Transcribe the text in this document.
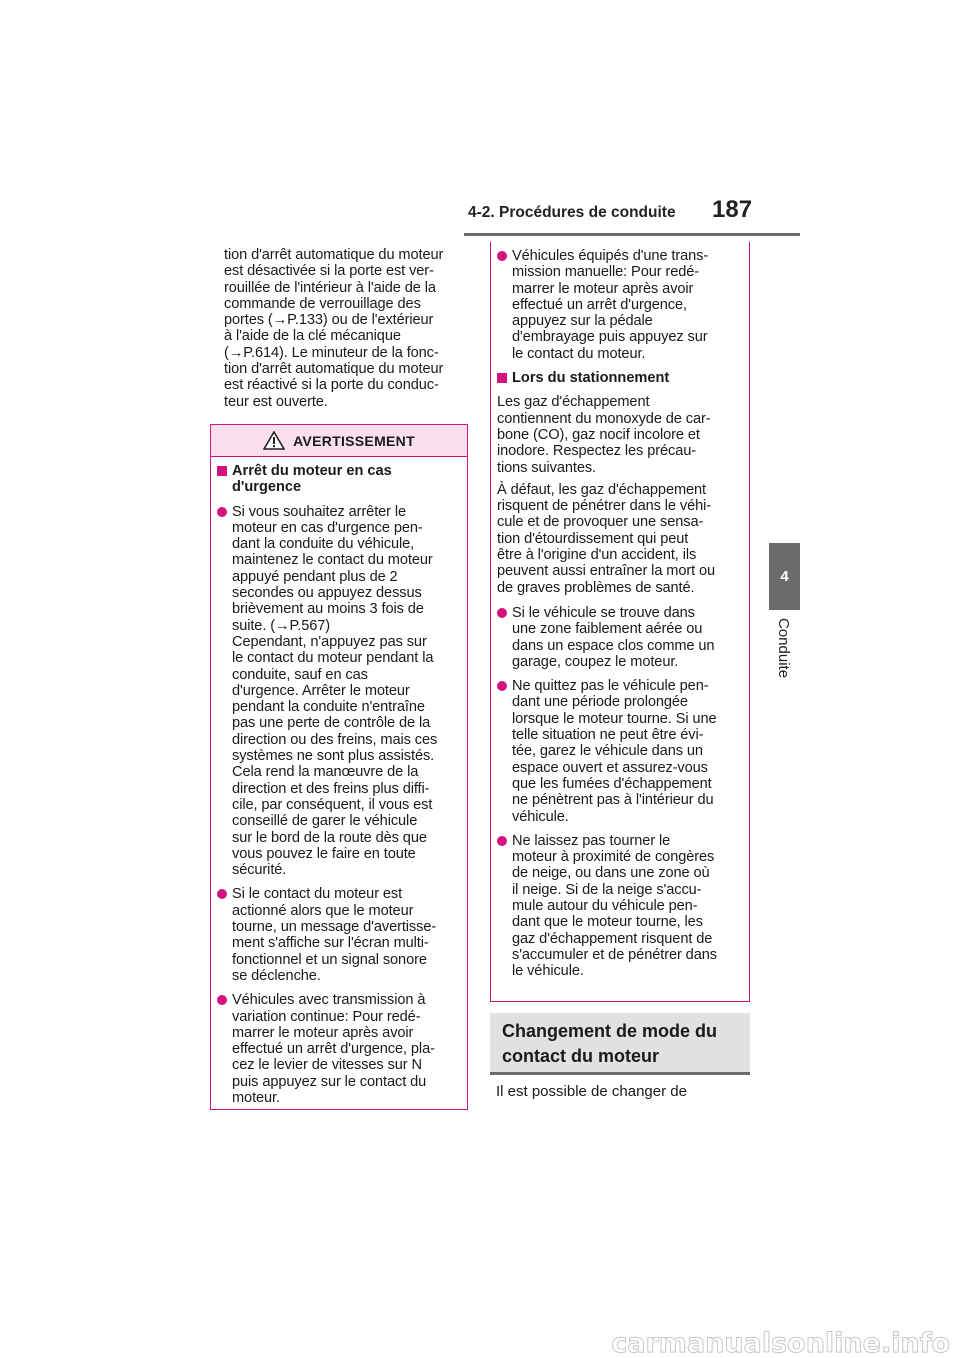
4-2. Procédures de conduite	187
4
Conduite

tion d'arrêt automatique du moteur
est désactivée si la porte est ver-
rouillée de l'intérieur à l'aide de la
commande de verrouillage des
portes (→P.133) ou de l'extérieur
à l'aide de la clé mécanique
(→P.614). Le minuteur de la fonc-
tion d'arrêt automatique du moteur
est réactivé si la porte du conduc-
teur est ouverte.

AVERTISSEMENT
Arrêt du moteur en cas
d'urgence

Si vous souhaitez arrêter le
moteur en cas d'urgence pen-
dant la conduite du véhicule,
maintenez le contact du moteur
appuyé pendant plus de 2
secondes ou appuyez dessus
brièvement au moins 3 fois de
suite. (→P.567)
Cependant, n'appuyez pas sur
le contact du moteur pendant la
conduite, sauf en cas
d'urgence. Arrêter le moteur
pendant la conduite n'entraîne
pas une perte de contrôle de la
direction ou des freins, mais ces
systèmes ne sont plus assistés.
Cela rend la manœuvre de la
direction et des freins plus diffi-
cile, par conséquent, il vous est
conseillé de garer le véhicule
sur le bord de la route dès que
vous pouvez le faire en toute
sécurité.

Si le contact du moteur est
actionné alors que le moteur
tourne, un message d'avertisse-
ment s'affiche sur l'écran multi-
fonctionnel et un signal sonore
se déclenche.

Véhicules avec transmission à
variation continue: Pour redé-
marrer le moteur après avoir
effectué un arrêt d'urgence, pla-
cez le levier de vitesses sur N
puis appuyez sur le contact du
moteur.

Véhicules équipés d'une trans-
mission manuelle: Pour redé-
marrer le moteur après avoir
effectué un arrêt d'urgence,
appuyez sur la pédale
d'embrayage puis appuyez sur
le contact du moteur.

Lors du stationnement

Les gaz d'échappement
contiennent du monoxyde de car-
bone (CO), gaz nocif incolore et
inodore. Respectez les précau-
tions suivantes.

À défaut, les gaz d'échappement
risquent de pénétrer dans le véhi-
cule et de provoquer une sensa-
tion d'étourdissement qui peut
être à l'origine d'un accident, ils
peuvent aussi entraîner la mort ou
de graves problèmes de santé.

Si le véhicule se trouve dans
une zone faiblement aérée ou
dans un espace clos comme un
garage, coupez le moteur.

Ne quittez pas le véhicule pen-
dant une période prolongée
lorsque le moteur tourne. Si une
telle situation ne peut être évi-
tée, garez le véhicule dans un
espace ouvert et assurez-vous
que les fumées d'échappement
ne pénètrent pas à l'intérieur du
véhicule.

Ne laissez pas tourner le
moteur à proximité de congères
de neige, ou dans une zone où
il neige. Si de la neige s'accu-
mule autour du véhicule pen-
dant que le moteur tourne, les
gaz d'échappement risquent de
s'accumuler et de pénétrer dans
le véhicule.

Changement de mode du
contact du moteur
Il est possible de changer de
carmanualsonline.info
